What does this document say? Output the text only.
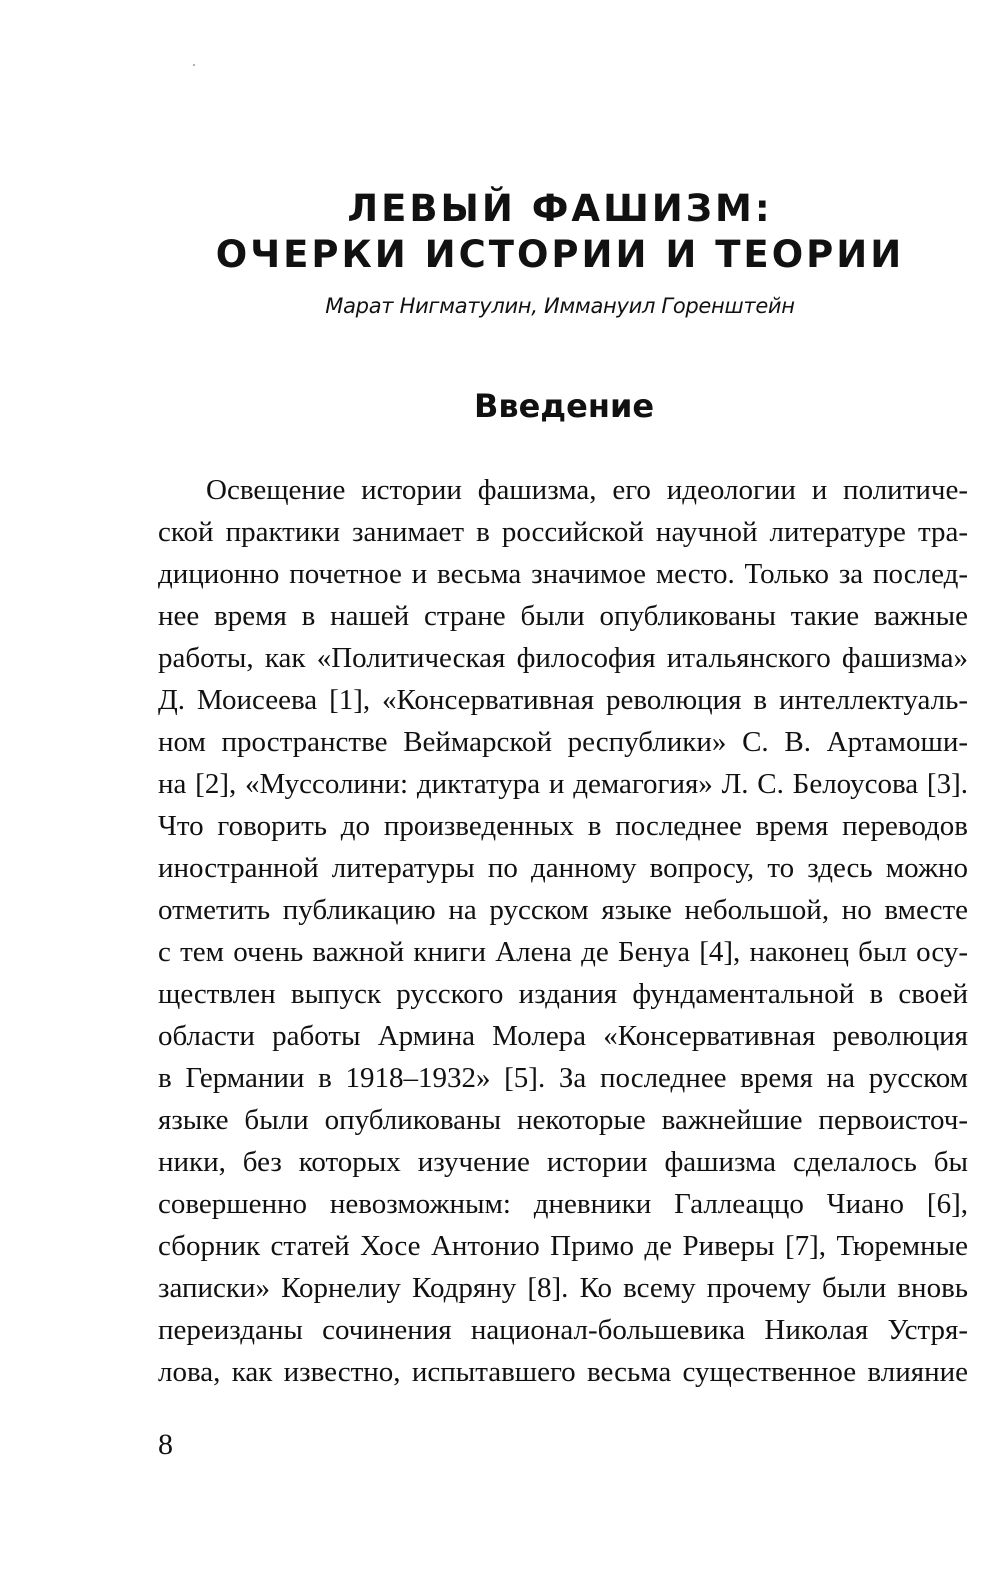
ЛЕВЫЙ ФАШИЗМ:
ОЧЕРКИ ИСТОРИИ И ТЕОРИИ

Марат Нигматулин, Иммануил Горенштейн

Введение
Освещение истории фашизма, его идеологии и политиче-
ской практики занимает в российской научной литературе тра-
диционно почетное и весьма значимое место. Только за послед-
нее время в нашей стране были опубликованы такие важные
работы, как «Политическая философия итальянского фашизма»
Д. Моисеева [1], «Консервативная революция в интеллектуаль-
ном пространстве Веймарской республики» С. В. Артамоши-
на [2], «Муссолини: диктатура и демагогия» Л. С. Белоусова [3].
Что говорить до произведенных в последнее время переводов
иностранной литературы по данному вопросу, то здесь можно
отметить публикацию на русском языке небольшой, но вместе
с тем очень важной книги Алена де Бенуа [4], наконец был осу-
ществлен выпуск русского издания фундаментальной в своей
области работы Армина Молера «Консервативная революция
в Германии в 1918–1932» [5]. За последнее время на русском
языке были опубликованы некоторые важнейшие первоисточ-
ники, без которых изучение истории фашизма сделалось бы
совершенно невозможным: дневники Галлеаццо Чиано [6],
сборник статей Хосе Антонио Примо де Риверы [7], Тюремные
записки» Корнелиу Кодряну [8]. Ко всему прочему были вновь
переизданы сочинения национал-большевика Николая Устря-
лова, как известно, испытавшего весьма существенное влияние

8
